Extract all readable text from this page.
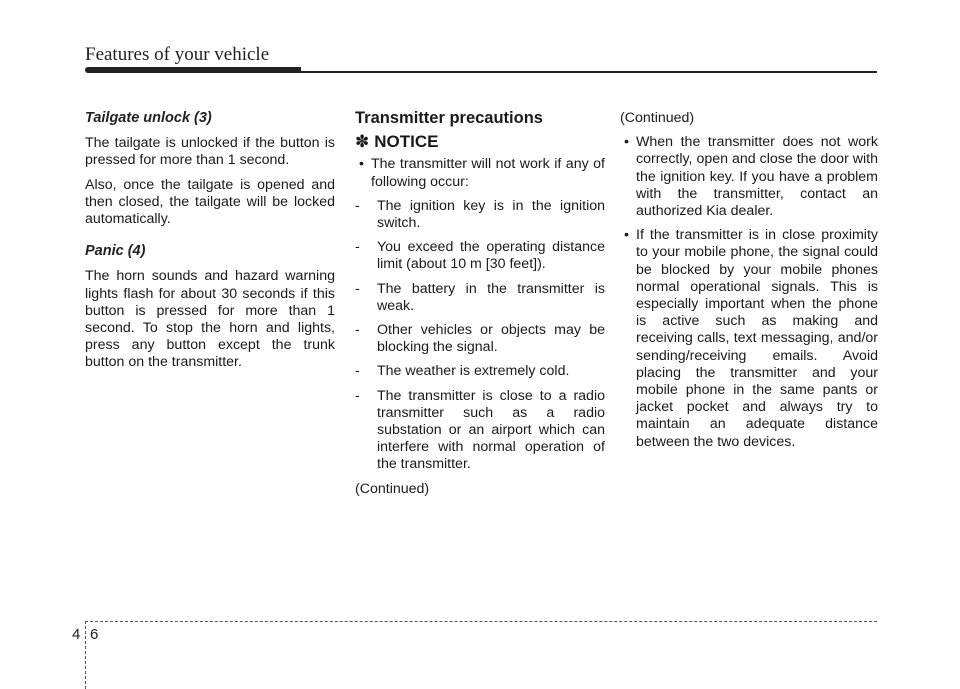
Features of your vehicle
Tailgate unlock (3)

The tailgate is unlocked if the button is pressed for more than 1 second.

Also, once the tailgate is opened and then closed, the tailgate will be locked automatically.

Panic (4)

The horn sounds and hazard warning lights flash for about 30 seconds if this button is pressed for more than 1 second. To stop the horn and lights, press any button except the trunk button on the transmitter.

Transmitter precautions
✽ NOTICE

• The transmitter will not work if any of following occur:

- The ignition key is in the ignition switch.

- You exceed the operating distance limit (about 10 m [30 feet]).

- The battery in the transmitter is weak.

- Other vehicles or objects may be blocking the signal.

- The weather is extremely cold.

- The transmitter is close to a radio transmitter such as a radio substation or an airport which can interfere with normal operation of the transmitter.

(Continued)

(Continued)

• When the transmitter does not work correctly, open and close the door with the ignition key. If you have a problem with the transmitter, contact an authorized Kia dealer.

• If the transmitter is in close proximity to your mobile phone, the signal could be blocked by your mobile phones normal operational signals. This is especially important when the phone is active such as making and receiving calls, text messaging, and/or sending/receiving emails. Avoid placing the transmitter and your mobile phone in the same pants or jacket pocket and always try to maintain an adequate distance between the two devices.

4 6
